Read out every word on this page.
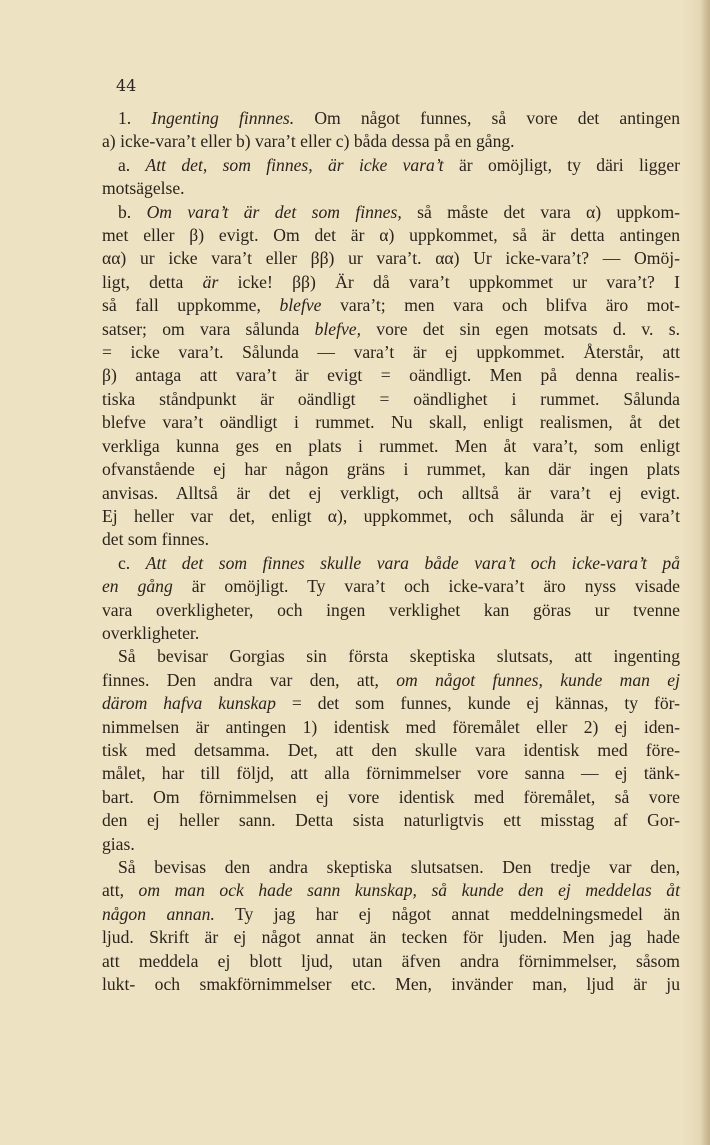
44

1. Ingenting finnnes. Om något funnes, så vore det antingen
a) icke-vara’t eller b) vara’t eller c) båda dessa på en gång.
a. Att det, som finnes, är icke vara’t är omöjligt, ty däri ligger
motsägelse.
b. Om vara’t är det som finnes, så måste det vara α) uppkom-
met eller β) evigt. Om det är α) uppkommet, så är detta antingen
αα) ur icke vara’t eller ββ) ur vara’t. αα) Ur icke-vara’t? — Omöj-
ligt, detta är icke! ββ) Är då vara’t uppkommet ur vara’t? I
så fall uppkomme, blefve vara’t; men vara och blifva äro mot-
satser; om vara sålunda blefve, vore det sin egen motsats d. v. s.
= icke vara’t. Sålunda — vara’t är ej uppkommet. Återstår, att
β) antaga att vara’t är evigt = oändligt. Men på denna realis-
tiska ståndpunkt är oändligt = oändlighet i rummet. Sålunda
blefve vara’t oändligt i rummet. Nu skall, enligt realismen, åt det
verkliga kunna ges en plats i rummet. Men åt vara’t, som enligt
ofvanstående ej har någon gräns i rummet, kan där ingen plats
anvisas. Alltså är det ej verkligt, och alltså är vara’t ej evigt.
Ej heller var det, enligt α), uppkommet, och sålunda är ej vara’t
det som finnes.
c. Att det som finnes skulle vara både vara’t och icke-vara’t på
en gång är omöjligt. Ty vara’t och icke-vara’t äro nyss visade
vara overkligheter, och ingen verklighet kan göras ur tvenne
overkligheter.
Så bevisar Gorgias sin första skeptiska slutsats, att ingenting
finnes. Den andra var den, att, om något funnes, kunde man ej
därom hafva kunskap = det som funnes, kunde ej kännas, ty för-
nimmelsen är antingen 1) identisk med föremålet eller 2) ej iden-
tisk med detsamma. Det, att den skulle vara identisk med före-
målet, har till följd, att alla förnimmelser vore sanna — ej tänk-
bart. Om förnimmelsen ej vore identisk med föremålet, så vore
den ej heller sann. Detta sista naturligtvis ett misstag af Gor-
gias.
Så bevisas den andra skeptiska slutsatsen. Den tredje var den,
att, om man ock hade sann kunskap, så kunde den ej meddelas åt
någon annan. Ty jag har ej något annat meddelningsmedel än
ljud. Skrift är ej något annat än tecken för ljuden. Men jag hade
att meddela ej blott ljud, utan äfven andra förnimmelser, såsom
lukt- och smakförnimmelser etc. Men, invänder man, ljud är ju
